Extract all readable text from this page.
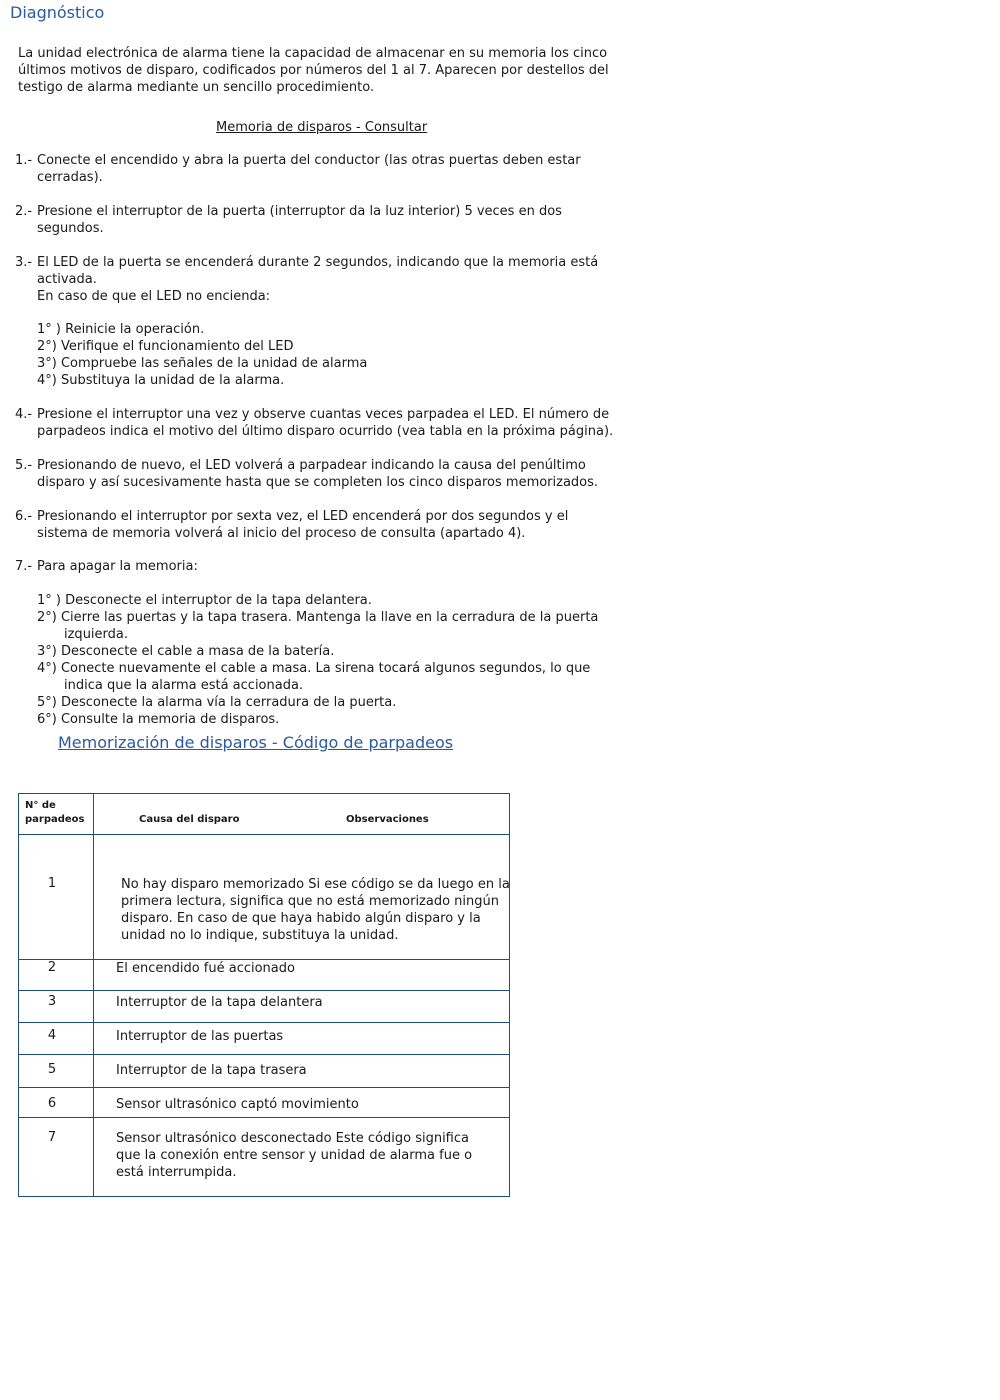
Diagnóstico
La unidad electrónica de alarma tiene la capacidad de almacenar en su memoria los cinco
últimos motivos de disparo, codificados por números del 1 al 7. Aparecen por destellos del
testigo de alarma mediante un sencillo procedimiento.
Memoria de disparos - Consultar
1.- Conecte el encendido y abra la puerta del conductor (las otras puertas deben estar
cerradas).
2.- Presione el interruptor de la puerta (interruptor da la luz interior) 5 veces en dos
segundos.
3.- El LED de la puerta se encenderá durante 2 segundos, indicando que la memoria está
activada.
En caso de que el LED no encienda:
1° ) Reinicie la operación.
2°) Verifique el funcionamiento del LED
3°) Compruebe las señales de la unidad de alarma
4°) Substituya la unidad de la alarma.
4.- Presione el interruptor una vez y observe cuantas veces parpadea el LED. El número de
parpadeos indica el motivo del último disparo ocurrido (vea tabla en la próxima página).
5.- Presionando de nuevo, el LED volverá a parpadear indicando la causa del penúltimo
disparo y así sucesivamente hasta que se completen los cinco disparos memorizados.
6.- Presionando el interruptor por sexta vez, el LED encenderá por dos segundos y el
sistema de memoria volverá al inicio del proceso de consulta (apartado 4).
7.- Para apagar la memoria:
1° ) Desconecte el interruptor de la tapa delantera.
2°) Cierre las puertas y la tapa trasera. Mantenga la llave en la cerradura de la puerta
izquierda.
3°) Desconecte el cable a masa de la batería.
4°) Conecte nuevamente el cable a masa. La sirena tocará algunos segundos, lo que
indica que la alarma está accionada.
5°) Desconecte la alarma vía la cerradura de la puerta.
6°) Consulte la memoria de disparos.
Memorización de disparos - Código de parpadeos
N° de
parpadeos	Causa del disparo	Observaciones
1	No hay disparo memorizado Si ese código se da luego en la
primera lectura, significa que no está memorizado ningún
disparo. En caso de que haya habido algún disparo y la
unidad no lo indique, substituya la unidad.
2	El encendido fué accionado
3	Interruptor de la tapa delantera
4	Interruptor de las puertas
5	Interruptor de la tapa trasera
6	Sensor ultrasónico captó movimiento
7	Sensor ultrasónico desconectado Este código significa
que la conexión entre sensor y unidad de alarma fue o
está interrumpida.
